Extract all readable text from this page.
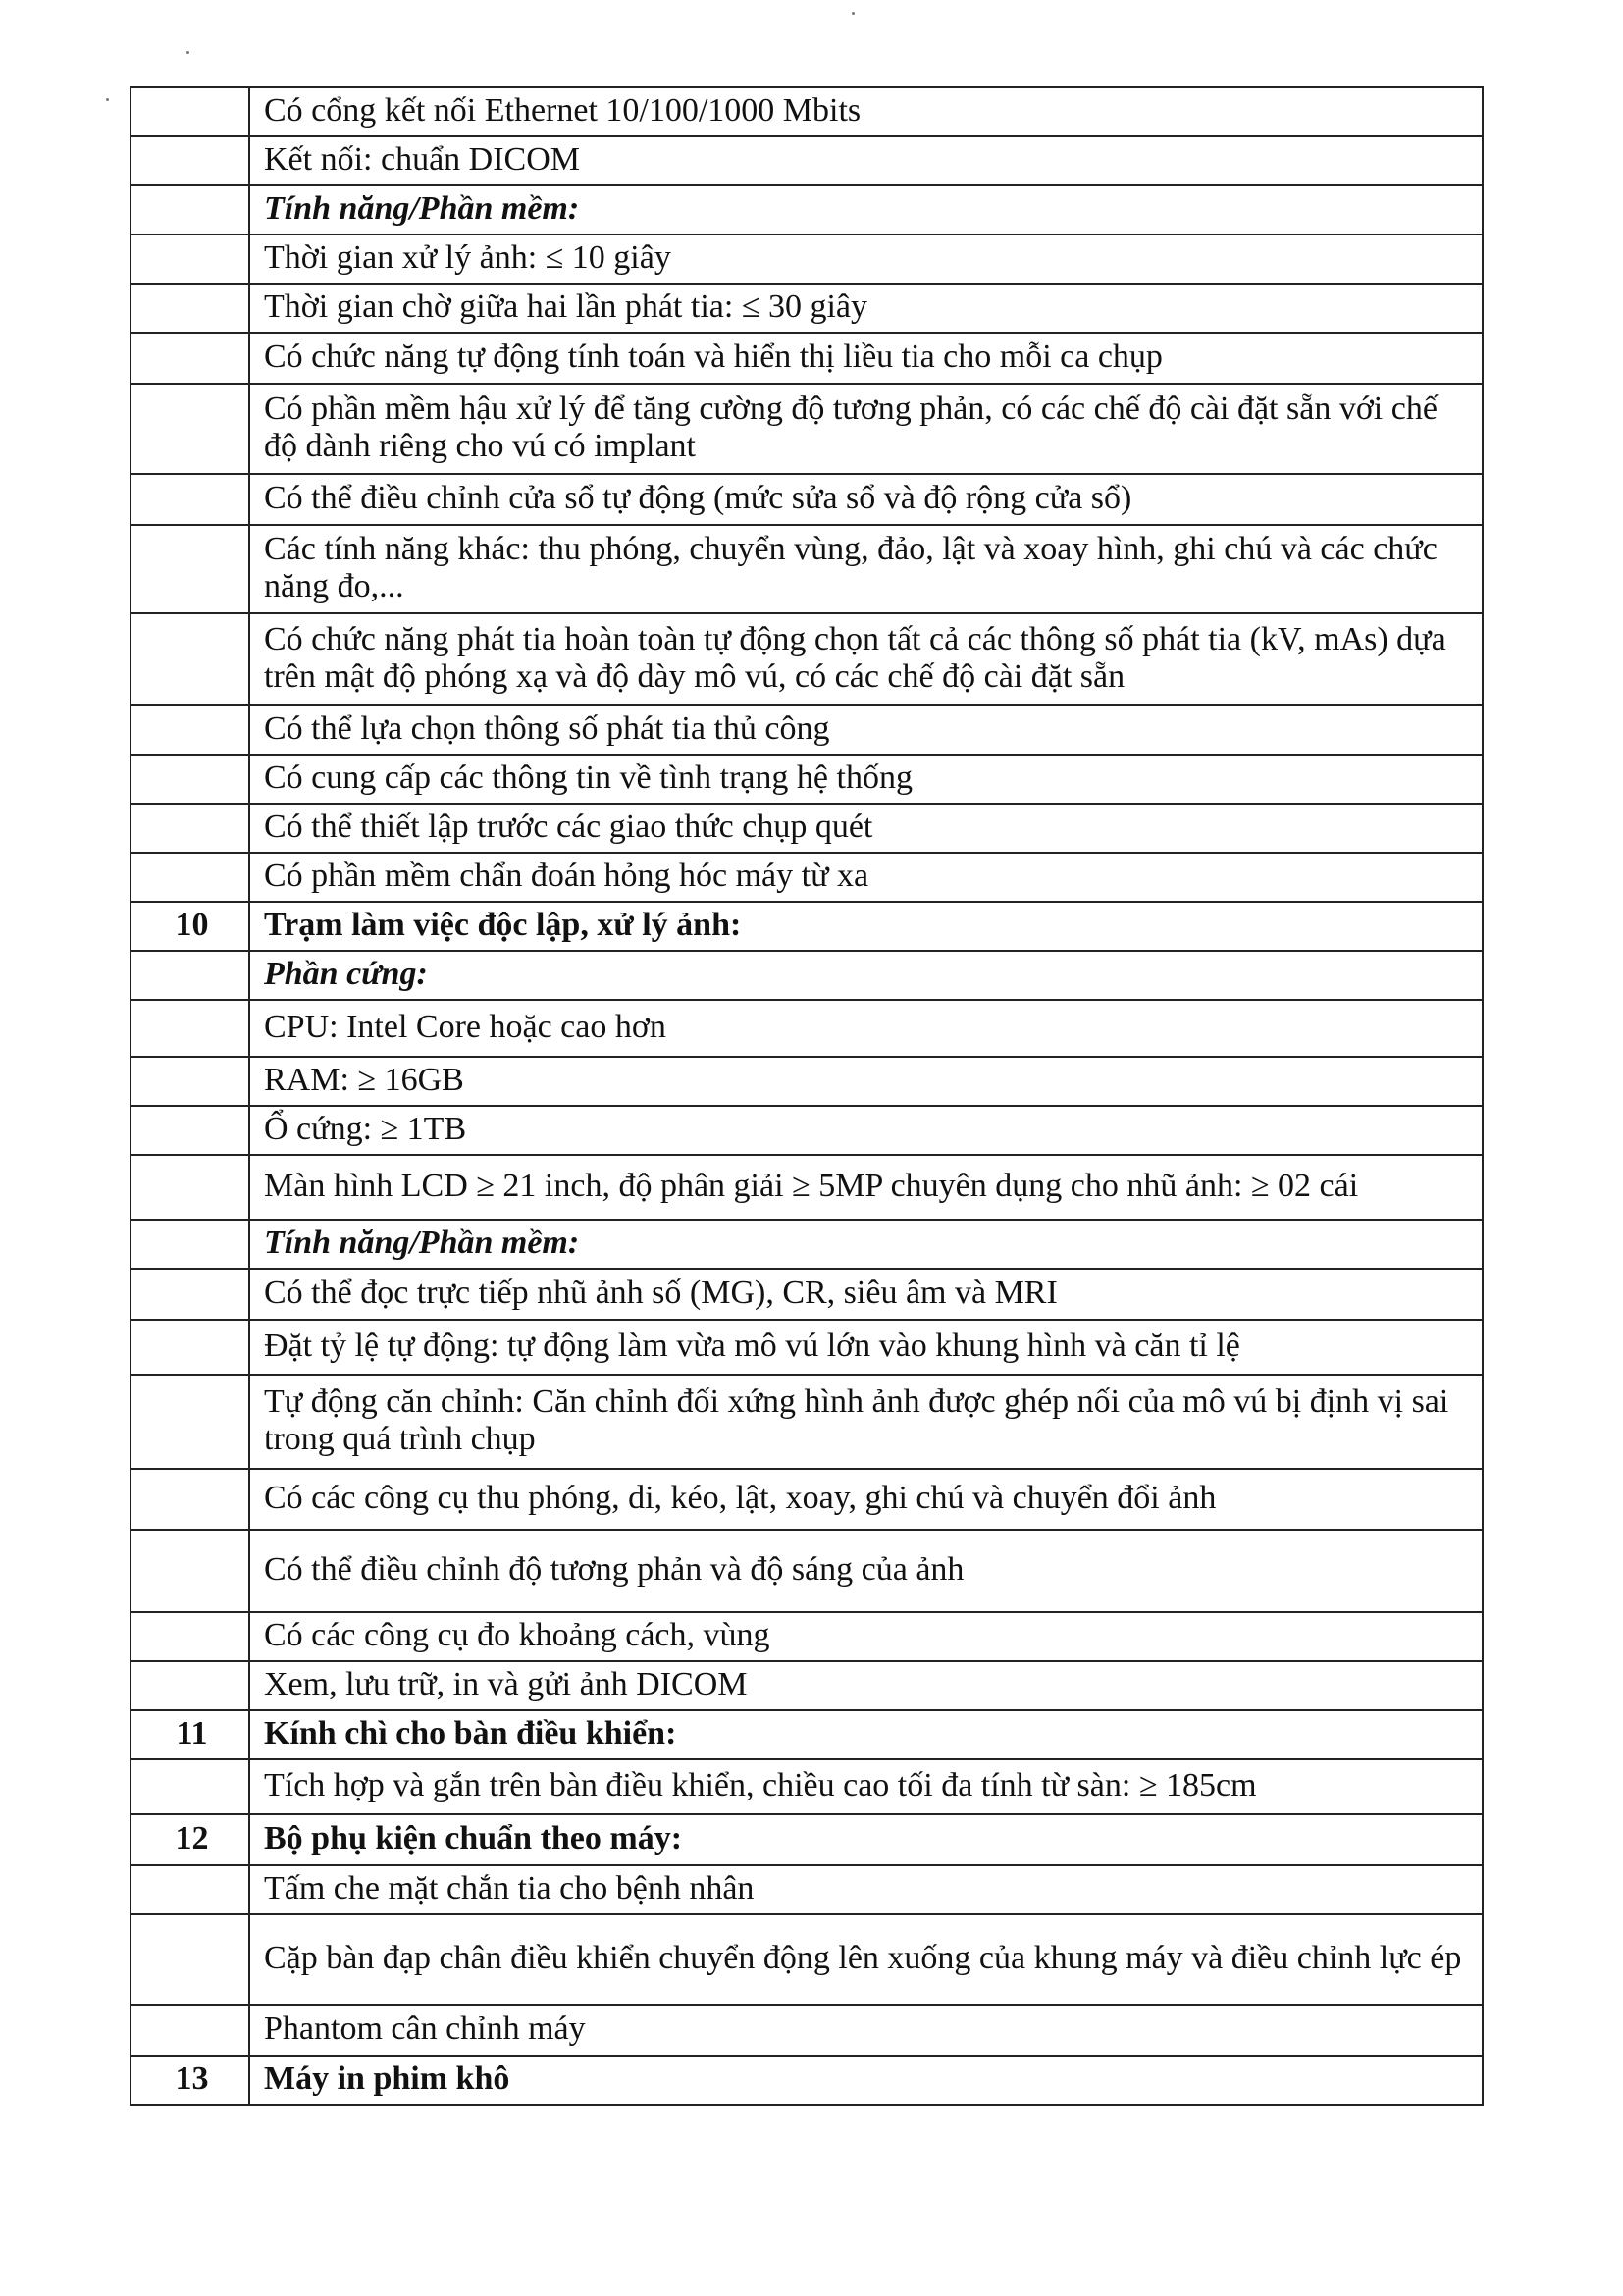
	Có cổng kết nối Ethernet 10/100/1000 Mbits
	Kết nối: chuẩn DICOM
	Tính năng/Phần mềm:
	Thời gian xử lý ảnh: ≤ 10 giây
	Thời gian chờ giữa hai lần phát tia: ≤ 30 giây
	Có chức năng tự động tính toán và hiển thị liều tia cho mỗi ca chụp
	Có phần mềm hậu xử lý để tăng cường độ tương phản, có các chế độ cài đặt sẵn với chế độ dành riêng cho vú có implant
	Có thể điều chỉnh cửa sổ tự động (mức sửa sổ và độ rộng cửa sổ)
	Các tính năng khác: thu phóng, chuyển vùng, đảo, lật và xoay hình, ghi chú và các chức năng đo,...
	Có chức năng phát tia hoàn toàn tự động chọn tất cả các thông số phát tia (kV, mAs) dựa trên mật độ phóng xạ và độ dày mô vú, có các chế độ cài đặt sẵn
	Có thể lựa chọn thông số phát tia thủ công
	Có cung cấp các thông tin về tình trạng hệ thống
	Có thể thiết lập trước các giao thức chụp quét
	Có phần mềm chẩn đoán hỏng hóc máy từ xa
10	Trạm làm việc độc lập, xử lý ảnh:
	Phần cứng:
	CPU: Intel Core hoặc cao hơn
	RAM: ≥ 16GB
	Ổ cứng: ≥ 1TB
	Màn hình LCD ≥ 21 inch, độ phân giải ≥ 5MP chuyên dụng cho nhũ ảnh: ≥ 02 cái
	Tính năng/Phần mềm:
	Có thể đọc trực tiếp nhũ ảnh số (MG), CR, siêu âm và MRI
	Đặt tỷ lệ tự động: tự động làm vừa mô vú lớn vào khung hình và căn tỉ lệ
	Tự động căn chỉnh: Căn chỉnh đối xứng hình ảnh được ghép nối của mô vú bị định vị sai trong quá trình chụp
	Có các công cụ thu phóng, di, kéo, lật, xoay, ghi chú và chuyển đổi ảnh
	Có thể điều chỉnh độ tương phản và độ sáng của ảnh
	Có các công cụ đo khoảng cách, vùng
	Xem, lưu trữ, in và gửi ảnh DICOM
11	Kính chì cho bàn điều khiển:
	Tích hợp và gắn trên bàn điều khiển, chiều cao tối đa tính từ sàn: ≥ 185cm
12	Bộ phụ kiện chuẩn theo máy:
	Tấm che mặt chắn tia cho bệnh nhân
	Cặp bàn đạp chân điều khiển chuyển động lên xuống của khung máy và điều chỉnh lực ép
	Phantom cân chỉnh máy
13	Máy in phim khô
